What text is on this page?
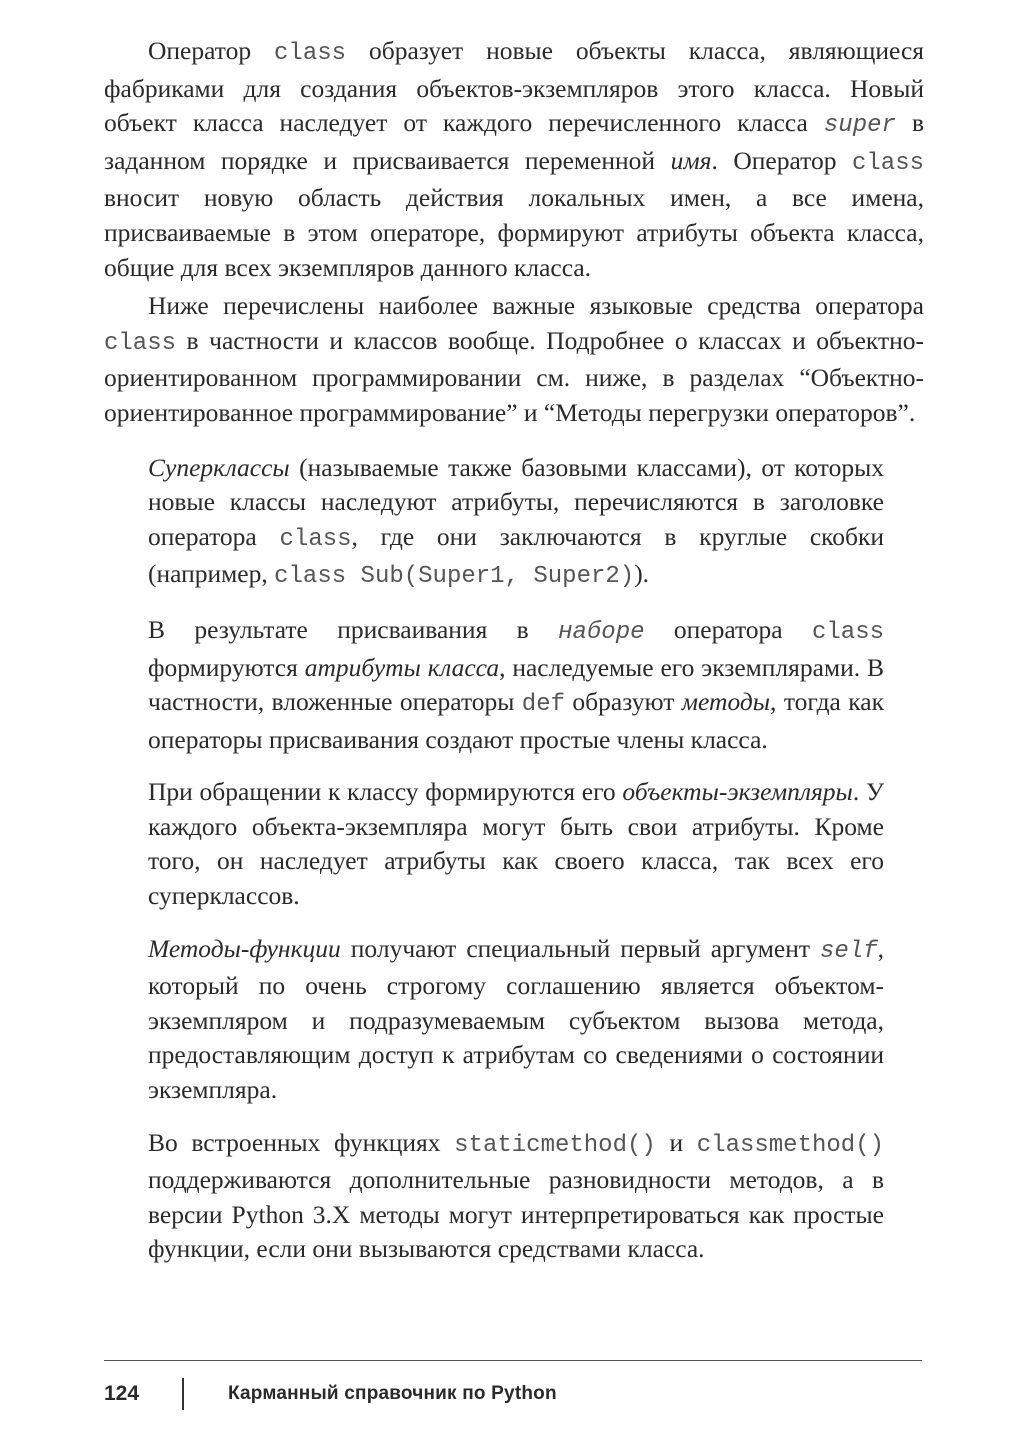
Оператор class образует новые объекты класса, являющиеся фабриками для создания объектов-экземпляров этого класса. Новый объект класса наследует от каждого перечисленного класса super в заданном порядке и присваивается переменной имя. Оператор class вносит новую область действия локальных имен, а все имена, присваиваемые в этом операторе, формируют атрибуты объекта класса, общие для всех экземпляров данного класса.

Ниже перечислены наиболее важные языковые средства оператора class в частности и классов вообще. Подробнее о классах и объектно-ориентированном программировании см. ниже, в разделах “Объектно-ориентированное программирование” и “Методы перегрузки операторов”.

Суперклассы (называемые также базовыми классами), от которых новые классы наследуют атрибуты, перечисляются в заголовке оператора class, где они заключаются в круглые скобки (например, class Sub(Super1, Super2)).

В результате присваивания в наборе оператора class формируются атрибуты класса, наследуемые его экземплярами. В частности, вложенные операторы def образуют методы, тогда как операторы присваивания создают простые члены класса.

При обращении к классу формируются его объекты-экземпляры. У каждого объекта-экземпляра могут быть свои атрибуты. Кроме того, он наследует атрибуты как своего класса, так всех его суперклассов.

Методы-функции получают специальный первый аргумент self, который по очень строгому соглашению является объектом-экземпляром и подразумеваемым субъектом вызова метода, предоставляющим доступ к атрибутам со сведениями о состоянии экземпляра.

Во встроенных функциях staticmethod() и classmethod() поддерживаются дополнительные разновидности методов, а в версии Python 3.X методы могут интерпретироваться как простые функции, если они вызываются средствами класса.

124	Карманный справочник по Python
